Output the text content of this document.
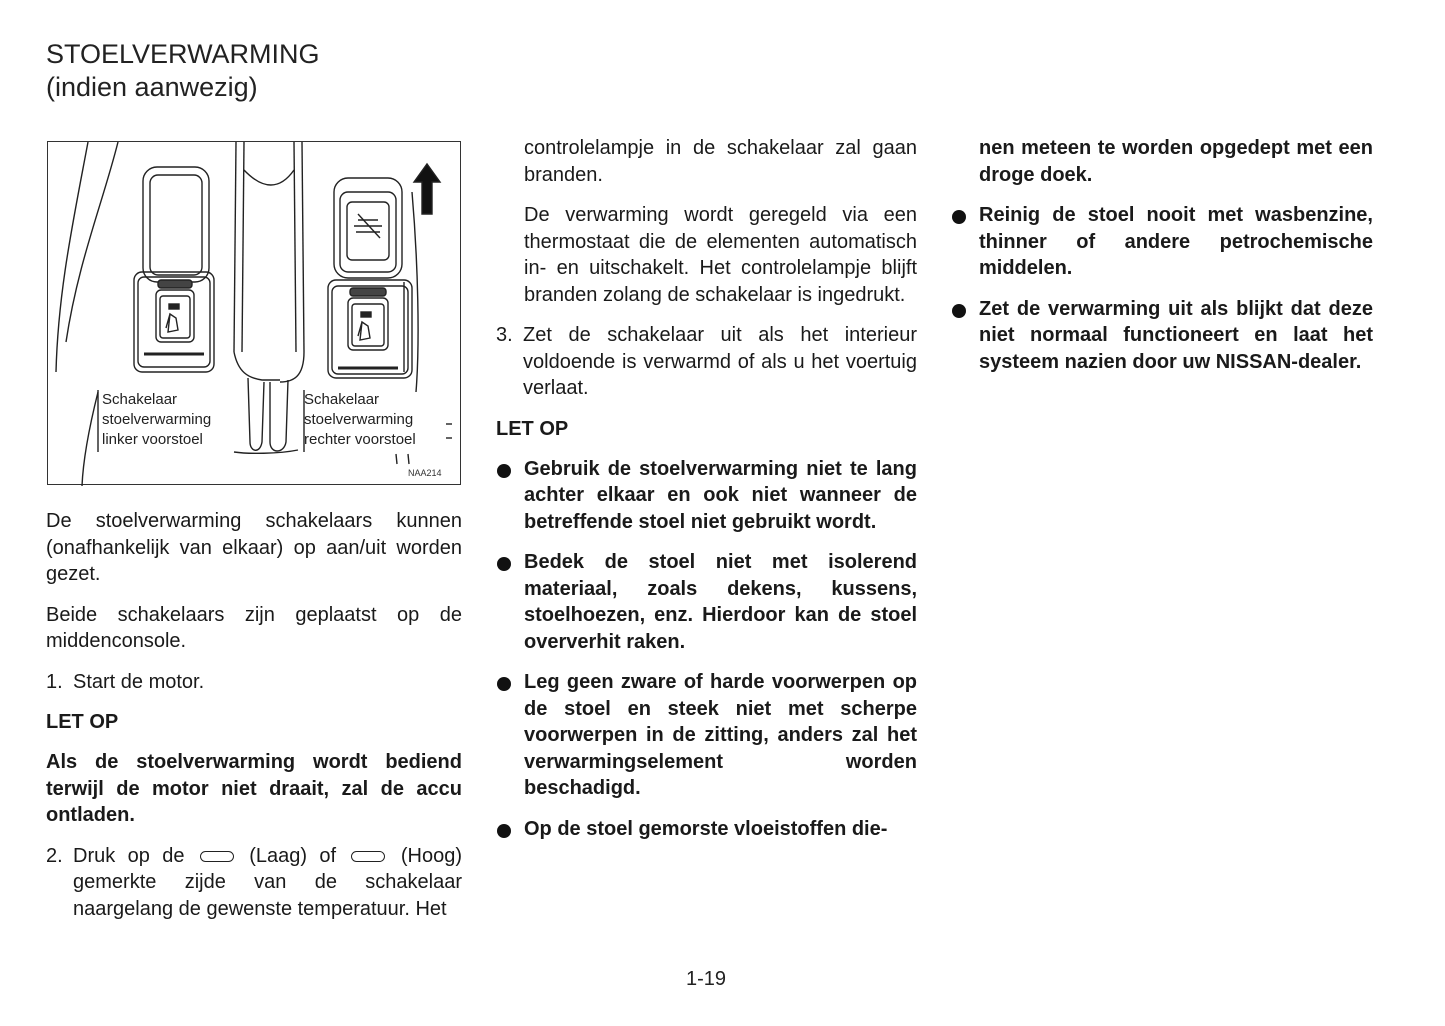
STOELVERWARMING
(indien aanwezig)
Schakelaar
stoelverwarming
linker voorstoel
Schakelaar
stoelverwarming
rechter voorstoel
NAA214

De stoelverwarming schakelaars kunnen (onafhankelijk van elkaar) op aan/uit worden gezet.

Beide schakelaars zijn geplaatst op de middenconsole.

1. Start de motor.

LET OP

Als de stoelverwarming wordt bediend terwijl de motor niet draait, zal de accu ontladen.

2. Druk op de	(Laag) of	(Hoog) gemerkte zijde van de schakelaar naargelang de gewenste temperatuur. Het

controlelampje in de schakelaar zal gaan branden.

De verwarming wordt geregeld via een thermostaat die de elementen automatisch in- en uitschakelt. Het controlelampje blijft branden zolang de schakelaar is ingedrukt.

3. Zet de schakelaar uit als het interieur voldoende is verwarmd of als u het voertuig verlaat.

LET OP

Gebruik de stoelverwarming niet te lang achter elkaar en ook niet wanneer de betreffende stoel niet gebruikt wordt.

Bedek de stoel niet met isolerend materiaal, zoals dekens, kussens, stoelhoezen, enz. Hierdoor kan de stoel oververhit raken.

Leg geen zware of harde voorwerpen op de stoel en steek niet met scherpe voorwerpen in de zitting, anders zal het verwarmingselement worden beschadigd.

Op de stoel gemorste vloeistoffen die-

nen meteen te worden opgedept met een droge doek.

Reinig de stoel nooit met wasbenzine, thinner of andere petrochemische middelen.

Zet de verwarming uit als blijkt dat deze niet normaal functioneert en laat het systeem nazien door uw NISSAN-dealer.

1-19
